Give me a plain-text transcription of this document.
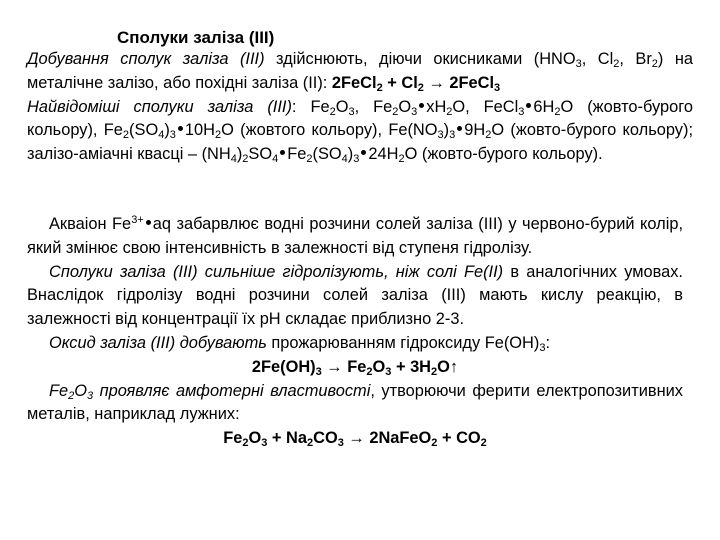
Сполуки заліза (ІІІ)

Добування сполук заліза (ІІІ) здійснюють, діючи окисниками ($HNO_3$, $Cl_2$, $Br_2$) на металічне залізо, або похідні заліза (ІІ): 2FeCl$_2$ + $Cl_2$ → 2FeCl$_3$

Найвідоміші сполуки заліза (ІІІ): $Fe_2O_3$, $Fe_2O_3$ $xH_2O$, FeCl$_3$ $6H_2O$ (жовто-бурого кольору), $Fe_2(SO_4)_3$ $10H_2O$ (жовтого кольору), $Fe(NO_3)_3$ $9H_2O$ (жовто-бурого кольору); залізо-амiачні квасці – $(NH_4)_2SO_4$ $Fe_2(SO_4)_3$ $24H_2O$ (жовто-бурого кольору).

Акваіон $Fe^{3+}$ aq забарвлює водні розчини солей заліза (ІІІ) у червоно-бурий колір, який змінює свою інтенсивність в залежності від ступеня гідролізу.

Сполуки заліза (ІІІ) сильніше гідролізують, ніж солі Fe(II) в аналогічних умовах. Внаслідок гідролізу водні розчини солей заліза (ІІІ) мають кислу реакцію, в залежності від концентрації їх рН складає приблизно 2-3.

Оксид заліза (ІІІ) добувають прожарюванням гідроксиду $Fe(OH)_3$:

$2Fe(OH)_3 \to Fe_2O_3$ + $3H_2O↑$

$Fe_2O_3$ проявляє амфотерні властивості, утворюючи ферити електропозитивних металів, наприклад лужних:

$Fe_2O_3 + Na_2CO_3$ → 2NaFeO$_2$ + $CO_2$
